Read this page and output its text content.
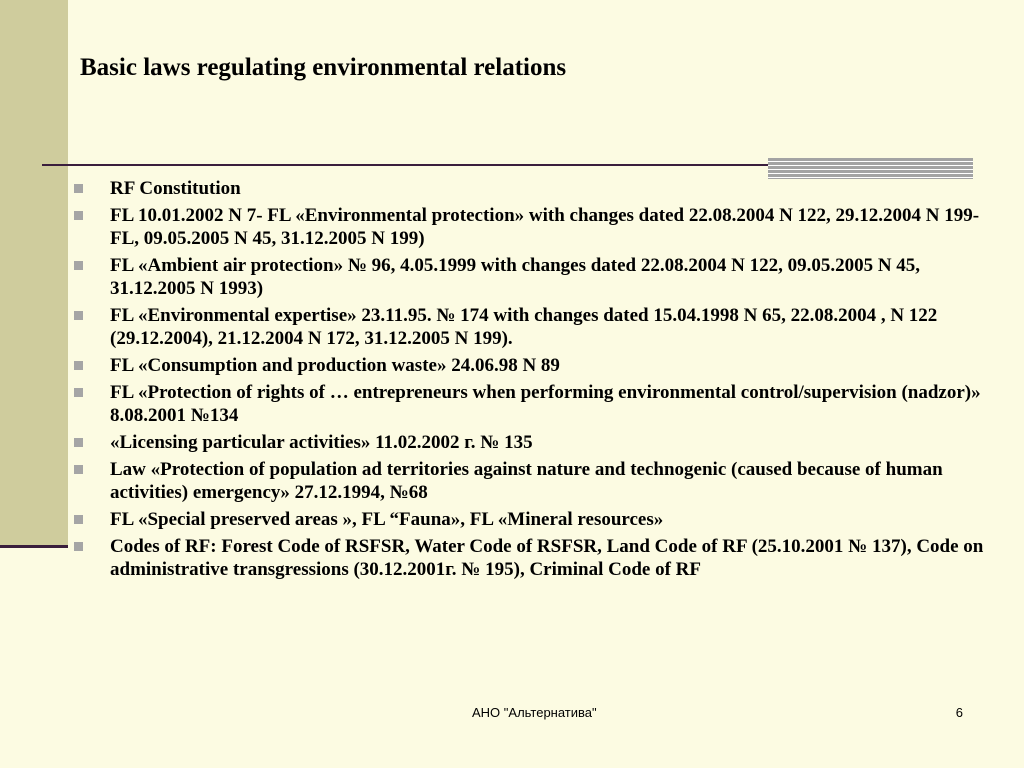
Basic laws regulating environmental relations
RF Constitution
FL 10.01.2002 N 7- FL «Environmental protection» with changes dated 22.08.2004 N 122, 29.12.2004 N 199- FL, 09.05.2005 N 45, 31.12.2005 N 199)
FL «Ambient air protection» № 96, 4.05.1999 with changes dated 22.08.2004 N 122, 09.05.2005 N 45, 31.12.2005 N 1993)
FL «Environmental expertise» 23.11.95. № 174 with changes dated 15.04.1998 N 65, 22.08.2004 , N 122 (29.12.2004), 21.12.2004 N 172, 31.12.2005 N 199).
FL «Consumption and production waste» 24.06.98 N 89
FL «Protection of rights of … entrepreneurs when performing environmental control/supervision (nadzor)» 8.08.2001 №134
«Licensing particular activities» 11.02.2002 г. № 135
Law «Protection of population ad territories against nature and technogenic (caused because of human activities) emergency» 27.12.1994, №68
FL «Special preserved areas », FL “Fauna», FL «Mineral resources»
Codes of RF: Forest Code of RSFSR, Water Code of RSFSR, Land Code of RF (25.10.2001 № 137), Code on administrative transgressions (30.12.2001г. № 195), Criminal Code of RF
АНО "Альтернатива"	6
